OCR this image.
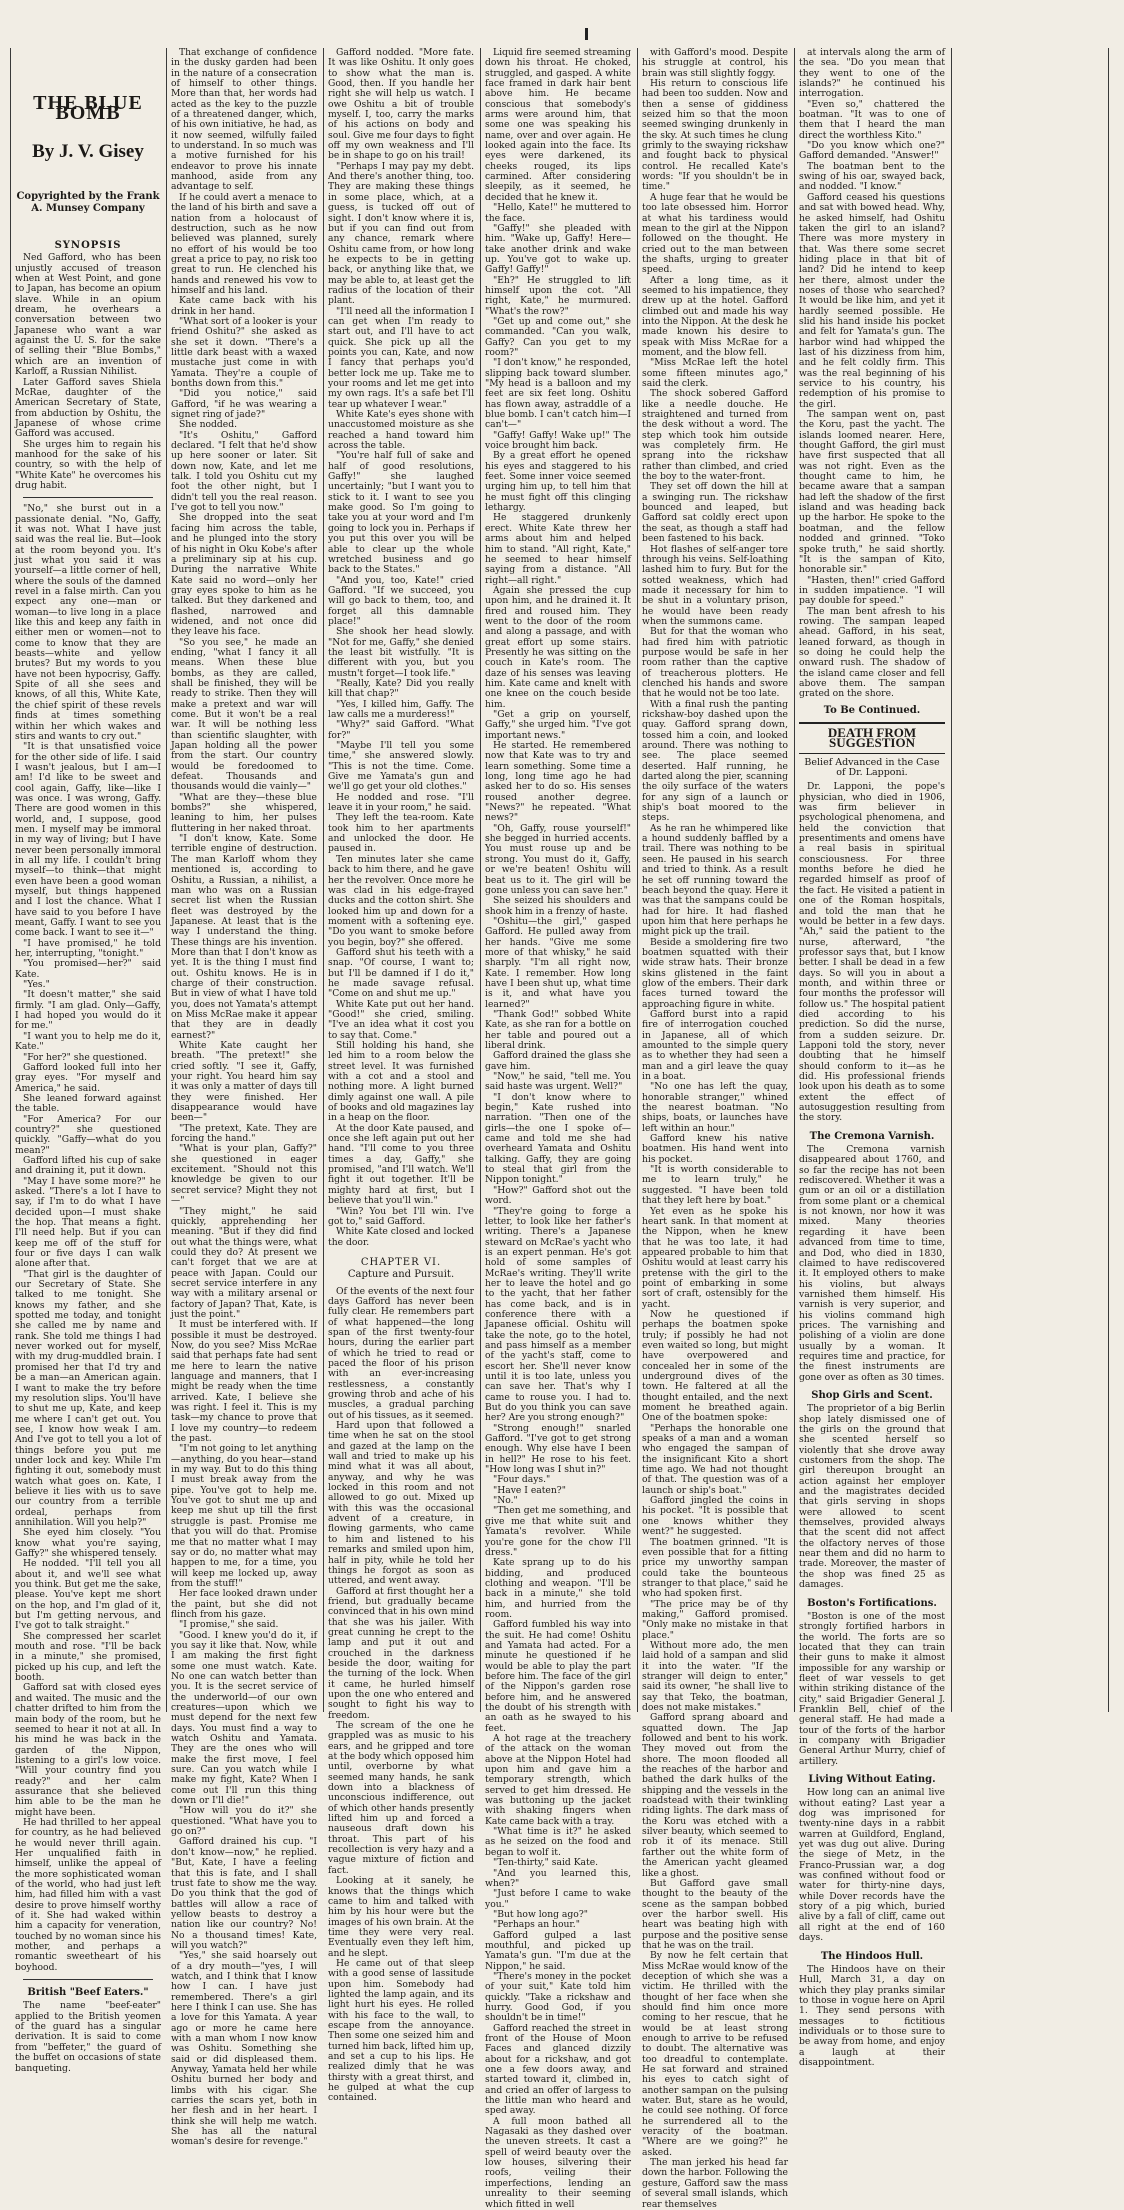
THE BLUE BOMB
By J. V. Gisey
Copyrighted by the Frank A. Munsey Company
SYNOPSIS

Ned Gafford, who has been unjustly accused of treason when at West Point, and gone to Japan, has become an opium slave. While in an opium dream, he overhears a conversation between two Japanese who want a war against the U. S. for the sake of selling their "Blue Bombs," which are an invention of Karloff, a Russian Nihilist.

Later Gafford saves Shiela McRae, daughter of the American Secretary of State, from abduction by Oshitu, the Japanese of whose crime Gafford was accused.

She urges him to regain his manhood for the sake of his country, so with the help of "White Kate" he overcomes his drug habit.

"No," she burst out in a passionate denial. "No, Gaffy, it was not. What I have just said was the real lie. But—look at the room beyond you. It's just what you said it was yourself—a little corner of hell, where the souls of the damned revel in a false mirth. Can you expect any one—man or woman—to live long in a place like this and keep any faith in either men or women—not to come to know that they are beasts—white and yellow brutes? But my words to you have not been hypocrisy, Gaffy. Spite of all she sees and knows, of all this, White Kate, the chief spirit of these revels finds at times something within her which wakes and stirs and wants to cry out."

"It is that unsatisfied voice for the other side of life. I said I wasn't jealous, but I am—I am! I'd like to be sweet and cool again, Gaffy, like—like I was once. I was wrong, Gaffy. There are good women in this world, and, I suppose, good men. I myself may be immoral in my way of living; but I have never been personally immoral in all my life. I couldn't bring myself—to think—that might even have been a good woman myself, but things happened and I lost the chance. What I have said to you before I have meant, Gaffy. I want to see you come back. I want to see it—"

"I have promised," he told her, interrupting, "tonight."

"You promised—her?" said Kate.

"Yes."

"It doesn't matter," she said firmly. "I am glad. Only—Gaffy, I had hoped you would do it for me."

"I want you to help me do it, Kate."

"For her?" she questioned.

Gafford looked full into her gray eyes. "For myself and America," he said.

She leaned forward against the table.

"For America? For our country?" she questioned quickly. "Gaffy—what do you mean?"

Gafford lifted his cup of sake and draining it, put it down.

"May I have some more?" he asked. "There's a lot I have to say, if I'm to do what I have decided upon—I must shake the hop. That means a fight. I'll need help. But if you can keep me off of the stuff for four or five days I can walk alone after that.

"That girl is the daughter of our Secretary of State. She talked to me tonight. She knows my father, and she spotted me today, and tonight she called me by name and rank. She told me things I had never worked out for myself, with my drug-muddled brain. I promised her that I'd try and be a man—an American again. I want to make the try before my resolution slips. You'll have to shut me up, Kate, and keep me where I can't get out. You see, I know how weak I am. And I've got to tell you a lot of things before you put me under lock and key. While I'm fighting it out, somebody must watch what goes on. Kate, I believe it lies with us to save our country from a terrible ordeal, perhaps from annihilation. Will you help?"

She eyed him closely. "You know what you're saying, Gaffy?" she whispered tensely.

He nodded. "I'll tell you all about it, and we'll see what you think. But get me the sake, please. You've kept me short on the hop, and I'm glad of it, but I'm getting nervous, and I've got to talk straight."

She compressed her scarlet mouth and rose. "I'll be back in a minute," she promised, picked up his cup, and left the booth.

Gafford sat with closed eyes and waited. The music and the chatter drifted to him from the main body of the room, but he seemed to hear it not at all. In his mind he was back in the garden of the Nippon, listening to a girl's low voice. "Will your country find you ready?" and her calm assurance that she believed him able to be the man he might have been.

He had thrilled to her appeal for country, as he had believed he would never thrill again. Her unqualified faith in himself, unlike the appeal of the more sophisticated woman of the world, who had just left him, had filled him with a vast desire to prove himself worthy of it. She had waked within him a capacity for veneration, touched by no woman since his mother, and perhaps a romantic sweetheart of his boyhood.

British "Beef Eaters."

The name "beef-eater" applied to the British yeomen of the guard has a singular derivation. It is said to come from "beffeter," the guard of the buffet on occasions of state banqueting.

That exchange of confidence in the dusky garden had been in the nature of a consecration of himself to other things. More than that, her words had acted as the key to the puzzle of a threatened danger, which, of his own initiative, he had, as it now seemed, wilfully failed to understand. In so much was a motive furnished for his endeavor to prove his innate manhood, aside from any advantage to self.

If he could avert a menace to the land of his birth and save a nation from a holocaust of destruction, such as he now believed was planned, surely no effort of his would be too great a price to pay, no risk too great to run. He clenched his hands and renewed his vow to himself and his land.

Kate came back with his drink in her hand.

"What sort of a looker is your friend Oshitu?" she asked as she set it down. "There's a little dark beast with a waxed mustache just come in with Yamata. They're a couple of bonths down from this."

"Did you notice," said Gafford, "if he was wearing a signet ring of jade?"

She nodded.

"It's Oshitu," Gafford declared. "I felt that he'd show up here sooner or later. Sit down now, Kate, and let me talk. I told you Oshitu cut my foot the other night, but I didn't tell you the real reason. I've got to tell you now."

She dropped into the seat facing him across the table, and he plunged into the story of his night in Oku Kobe's after a preliminary sip at his cup. During the narrative White Kate said no word—only her gray eyes spoke to him as he talked. But they darkened and flashed, narrowed and widened, and not once did they leave his face.

"So you see," he made an ending, "what I fancy it all means. When these blue bombs, as they are called, shall be finished, they will be ready to strike. Then they will make a pretext and war will come. But it won't be a real war. It will be nothing less than scientific slaughter, with Japan holding all the power from the start. Our country would be foredoomed to defeat. Thousands and thousands would die vainly—"

"What are they—these blue bombs?" she whispered, leaning to him, her pulses fluttering in her naked throat.

"I don't know, Kate. Some terrible engine of destruction. The man Karloff whom they mentioned is, according to Oshitu, a Russian, a nihilist, a man who was on a Russian secret list when the Russian fleet was destroyed by the Japanese. At least that is the way I understand the thing. These things are his invention. More than that I don't know as yet. It is the thing I must find out. Oshitu knows. He is in charge of their construction. But in view of what I have told you, does not Yamata's attempt on Miss McRae make it appear that they are in deadly earnest?"

White Kate caught her breath. "The pretext!" she cried softly. "I see it, Gaffy, your right. You heard him say it was only a matter of days till they were finished. Her disappearance would have been—"

"The pretext, Kate. They are forcing the hand."

"What is your plan, Gaffy?" she questioned in eager excitement. "Should not this knowledge be given to our secret service? Might they not—"

"They might," he said quickly, apprehending her meaning. "But if they did find out what the things were, what could they do? At present we can't forget that we are at peace with Japan. Could our secret service interfere in any way with a military arsenal or factory of Japan? That, Kate, is just the point."

It must be interfered with. If possible it must be destroyed. Now, do you see? Miss McRae said that perhaps fate had sent me here to learn the native language and manners, that I might be ready when the time arrived. Kate, I believe she was right. I feel it. This is my task—my chance to prove that I love my country—to redeem the past.

"I'm not going to let anything—anything, do you hear—stand in my way. But to do this thing I must break away from the pipe. You've got to help me. You've got to shut me up and keep me shut up till the first struggle is past. Promise me that you will do that. Promise me that no matter what I may say or do, no matter what may happen to me, for a time, you will keep me locked up, away from the stuff!"

Her face looked drawn under the paint, but she did not flinch from his gaze.

"I promise," she said.

"Good. I knew you'd do it, if you say it like that. Now, while I am making the first fight some one must watch. Kate. No one can watch better than you. It is the secret service of the underworld—of our own creatures—upon which we must depend for the next few days. You must find a way to watch Oshitu and Yamata. They are the ones who will make the first move, I feel sure. Can you watch while I make my fight, Kate? When I come out I'll run this thing down or I'll die!"

"How will you do it?" she questioned. "What have you to go on?"

Gafford drained his cup. "I don't know—now," he replied. "But, Kate, I have a feeling that this is fate, and I shall trust fate to show me the way. Do you think that the god of battles will allow a race of yellow beasts to destroy a nation like our country? No! No a thousand times! Kate, will you watch?"

"Yes," she said hoarsely out of a dry mouth—"yes, I will watch, and I think that I know how I can. I have just remembered. There's a girl here I think I can use. She has a love for this Yamata. A year ago or more he came here with a man whom I now know was Oshitu. Something she said or did displeased them. Anyway, Yamata held her while Oshitu burned her body and limbs with his cigar. She carries the scars yet, both in her flesh and in her heart. I think she will help me watch. She has all the natural woman's desire for revenge."

Gafford nodded. "More fate. It was like Oshitu. It only goes to show what the man is. Good, then. If you handle her right she will help us watch. I owe Oshitu a bit of trouble myself. I, too, carry the marks of his actions on body and soul. Give me four days to fight off my own weakness and I'll be in shape to go on his trail!

"Perhaps I may pay my debt. And there's another thing, too. They are making these things in some place, which, at a guess, is tucked off out of sight. I don't know where it is, but if you can find out from any chance, remark where Oshitu came from, or how long he expects to be in getting back, or anything like that, we may be able to, at least get the radius of the location of their plant.

"I'll need all the information I can get when I'm ready to start out, and I'll have to act quick. She pick up all the points you can, Kate, and now I fancy that perhaps you'd better lock me up. Take me to your rooms and let me get into my own rags. It's a safe bet I'll tear up whatever I wear."

White Kate's eyes shone with unaccustomed moisture as she reached a hand toward him across the table.

"You're half full of sake and half of good resolutions, Gaffy!" she laughed uncertainly; "but I want you to stick to it. I want to see you make good. So I'm going to take you at your word and I'm going to lock you in. Perhaps if you put this over you will be able to clear up the whole wretched business and go back to the States."

"And you, too, Kate!" cried Gafford. "If we succeed, you will go back to them, too, and forget all this damnable place!"

She shook her head slowly. "Not for me, Gaffy," she denied the least bit wistfully. "It is different with you, but you mustn't forget—I took life."

"Really, Kate? Did you really kill that chap?"

"Yes, I killed him, Gaffy. The law calls me a murderess!"

"Why?" said Gafford. "What for?"

"Maybe I'll tell you some time," she answered slowly. "This is not the time. Come. Give me Yamata's gun and we'll go get your old clothes."

He nodded and rose. "I'll leave it in your room," he said.

They left the tea-room. Kate took him to her apartments and unlocked the door. He paused in.

Ten minutes later she came back to him there, and he gave her the revolver. Once more he was clad in his edge-frayed ducks and the cotton shirt. She looked him up and down for a moment with a softening eye. "Do you want to smoke before you begin, boy?" she offered.

Gafford shut his teeth with a snap. "Of course, I want to; but I'll be damned if I do it," he made savage refusal. "Come on and shut me up."

White Kate put out her hand. "Good!" she cried, smiling. "I've an idea what it cost you to say that. Come."

Still holding his hand, she led him to a room below the street level. It was furnished with a cot and a stool and nothing more. A light burned dimly against one wall. A pile of books and old magazines lay in a heap on the floor.

At the door Kate paused, and once she left again put out her hand. "I'll come to you three times a day, Gaffy," she promised, "and I'll watch. We'll fight it out together. It'll be mighty hard at first, but I believe that you'll win."

"Win? You bet I'll win. I've got to," said Gafford.

White Kate closed and locked the door.

CHAPTER VI.
Capture and Pursuit.

Of the events of the next four days Gafford has never been fully clear. He remembers part of what happened—the long span of the first twenty-four hours, during the earlier part of which he tried to read or paced the floor of his prison with an ever-increasing restlessness, a constantly growing throb and ache of his muscles, a gradual parching out of his tissues, as it seemed.

Hard upon that followed a time when he sat on the stool and gazed at the lamp on the wall and tried to make up his mind what it was all about, anyway, and why he was locked in this room and not allowed to go out. Mixed up with this was the occasional advent of a creature, in flowing garments, who came to him and listened to his remarks and smiled upon him, half in pity, while he told her things he forgot as soon as uttered, and went away.

Gafford at first thought her a friend, but gradually became convinced that in his own mind that she was his jailer. With great cunning he crept to the lamp and put it out and crouched in the darkness beside the door, waiting for the turning of the lock. When it came, he hurled himself upon the one who entered and sought to fight his way to freedom.

The scream of the one he grappled was as music to his ears, and he gripped and tore at the body which opposed him until, overborne by what seemed many hands, he sank down into a blackness of unconscious indifference, out of which other hands presently lifted him up and forced a nauseous draft down his throat. This part of his recollection is very hazy and a vague mixture of fiction and fact.

Looking at it sanely, he knows that the things which came to him and talked with him by his hour were but the images of his own brain. At the time they were very real. Eventually even they left him, and he slept.

He came out of that sleep with a good sense of lassitude upon him. Somebody had lighted the lamp again, and its light hurt his eyes. He rolled with his face to the wall, to escape from the annoyance. Then some one seized him and turned him back, lifted him up, and set a cup to his lips. He realized dimly that he was thirsty with a great thirst, and he gulped at what the cup contained.

Liquid fire seemed streaming down his throat. He choked, struggled, and gasped. A white face framed in dark hair bent above him. He became conscious that somebody's arms were around him, that some one was speaking his name, over and over again. He looked again into the face. Its eyes were darkened, its cheeks rouged, its lips carmined. After considering sleepily, as it seemed, he decided that he knew it.

"Hello, Kate!" he muttered to the face.

"Gaffy!" she pleaded with him. "Wake up, Gaffy! Here—take another drink and wake up. You've got to wake up. Gaffy! Gaffy!"

"Eh?" He struggled to lift himself upon the cot. "All right, Kate," he murmured. "What's the row?"

"Get up and come out," she commanded. "Can you walk, Gaffy? Can you get to my room?"

"I don't know," he responded, slipping back toward slumber. "My head is a balloon and my feet are six feet long. Oshitu has flown away, astraddle of a blue bomb. I can't catch him—I can't—"

"Gaffy! Gaffy! Wake up!" The voice brought him back.

By a great effort he opened his eyes and staggered to his feet. Some inner voice seemed urging him up, to tell him that he must fight off this clinging lethargy.

He staggered drunkenly erect. White Kate threw her arms about him and helped him to stand. "All right, Kate," he seemed to hear himself saying from a distance. "All right—all right."

Again she pressed the cup upon him, and he drained it. It fired and roused him. They went to the door of the room and along a passage, and with great effort up some stairs. Presently he was sitting on the couch in Kate's room. The daze of his senses was leaving him. Kate came and knelt with one knee on the couch beside him.

"Get a grip on yourself, Gaffy," she urged him. "I've got important news."

He started. He remembered now that Kate was to try and learn something. Some time a long, long time ago he had asked her to do so. His senses roused another degree. "News?" he repeated. "What news?"

"Oh, Gaffy, rouse yourself!" she begged in hurried accents. You must rouse up and be strong. You must do it, Gaffy, or we're beaten! Oshitu will beat us to it. The girl will be gone unless you can save her."

She seized his shoulders and shook him in a frenzy of haste.

"Oshitu—the girl," gasped Gafford. He pulled away from her hands. "Give me some more of that whisky," he said sharply. "I'm all right now, Kate. I remember. How long have I been shut up, what time is it, and what have you learned?"

"Thank God!" sobbed White Kate, as she ran for a bottle on her table and poured out a liberal drink.

Gafford drained the glass she gave him.

"Now," he said, "tell me. You said haste was urgent. Well?"

"I don't know where to begin," Kate rushed into narration. "Then one of the girls—the one I spoke of—came and told me she had overheard Yamata and Oshitu talking. Gaffy, they are going to steal that girl from the Nippon tonight."

"How?" Gafford shot out the word.

"They're going to forge a letter, to look like her father's writing. There's a Japanese steward on McRae's yacht who is an expert penman. He's got hold of some samples of McRae's writing. They'll write her to leave the hotel and go to the yacht, that her father has come back, and is in conference there with a Japanese official. Oshitu will take the note, go to the hotel, and pass himself as a member of the yacht's staff, come to escort her. She'll never know until it is too late, unless you can save her. That's why I came to rouse you. I had to. But do you think you can save her? Are you strong enough?"

"Strong enough!" snarled Gafford. "I've got to get strong enough. Why else have I been in hell?" He rose to his feet. "How long was I shut in?"

"Four days."

"Have I eaten?"

"No."

"Then get me something, and give me that white suit and Yamata's revolver. While you're gone for the chow I'll dress."

Kate sprang up to do his bidding, and produced clothing and weapon. "I'll be back in a minute," she told him, and hurried from the room.

Gafford fumbled his way into the suit. He had come! Oshitu and Yamata had acted. For a minute he questioned if he would be able to play the part before him. The face of the girl of the Nippon's garden rose before him, and he answered the doubt of his strength with an oath as he swayed to his feet.

A hot rage at the treachery of the attack on the woman above at the Nippon Hotel had upon him and gave him a temporary strength, which served to get him dressed. He was buttoning up the jacket with shaking fingers when Kate came back with a tray.

"What time is it?" he asked as he seized on the food and began to wolf it.

"Ten-thirty," said Kate.

"And you learned this, when?"

"Just before I came to wake you."

"But how long ago?"

"Perhaps an hour."

Gafford gulped a last mouthful, and picked up Yamata's gun. "I'm due at the Nippon," he said.

"There's money in the pocket of your suit," Kate told him quickly. "Take a rickshaw and hurry. Good God, if you shouldn't be in time!"

Gafford reached the street in front of the House of Moon Faces and glanced dizzily about for a rickshaw, and got one a few doors away, and started toward it, climbed in, and cried an offer of largess to the little man who heard and sped away.

A full moon bathed all Nagasaki as they dashed over the uneven streets. It cast a spell of weird beauty over the low houses, silvering their roofs, veiling their imperfections, lending an unreality to their seeming which fitted in well

with Gafford's mood. Despite his struggle at control, his brain was still slightly foggy.

His return to conscious life had been too sudden. Now and then a sense of giddiness seized him so that the moon seemed swinging drunkenly in the sky. At such times he clung grimly to the swaying rickshaw and fought back to physical control. He recalled Kate's words: "If you shouldn't be in time."

A huge fear that he would be too late obsessed him. Horror at what his tardiness would mean to the girl at the Nippon followed on the thought. He cried out to the man between the shafts, urging to greater speed.

After a long time, as it seemed to his impatience, they drew up at the hotel. Gafford climbed out and made his way into the Nippon. At the desk he made known his desire to speak with Miss McRae for a moment, and the blow fell.

"Miss McRae left the hotel some fifteen minutes ago," said the clerk.

The shock sobered Gafford like a needle douche. He straightened and turned from the desk without a word. The step which took him outside was completely firm. He sprang into the rickshaw rather than climbed, and cried the boy to the water-front.

They set off down the hill at a swinging run. The rickshaw bounced and leaped, but Gafford sat coldly erect upon the seat, as though a staff had been fastened to his back.

Hot flashes of self-anger tore through his veins. Self-loathing lashed him to fury. But for the sotted weakness, which had made it necessary for him to be shut in a voluntary prison, he would have been ready when the summons came.

But for that the woman who had fired him with patriotic purpose would be safe in her room rather than the captive of treacherous plotters. He clenched his hands and swore that he would not be too late.

With a final rush the panting rickshaw-boy dashed upon the quay. Gafford sprang down, tossed him a coin, and looked around. There was nothing to see. The place seemed deserted. Half running, he darted along the pier, scanning the oily surface of the waters for any sign of a launch or ship's boat moored to the steps.

As he ran he whimpered like a hound suddenly baffled by a trail. There was nothing to be seen. He paused in his search and tried to think. As a result he set off running toward the beach beyond the quay. Here it was that the sampans could be had for hire. It had flashed upon him that here perhaps he might pick up the trail.

Beside a smoldering fire two boatmen squatted with their wide straw hats. Their bronze skins glistened in the faint glow of the embers. Their dark faces turned toward the approaching figure in white.

Gafford burst into a rapid fire of interrogation couched in Japanese, all of which amounted to the simple query as to whether they had seen a man and a girl leave the quay in a boat.

"No one has left the quay, honorable stranger," whined the nearest boatman. "No ships, boats, or launches have left within an hour."

Gafford knew his native boatmen. His hand went into his pocket.

"It is worth considerable to me to learn truly," he suggested. "I have been told that they left here by boat."

Yet even as he spoke his heart sank. In that moment at the Nippon, when he knew that he was too late, it had appeared probable to him that Oshitu would at least carry his pretense with the girl to the point of embarking in some sort of craft, ostensibly for the yacht.

Now he questioned if perhaps the boatmen spoke truly; if possibly he had not even waited so long, but might have overpowered and concealed her in some of the underground dives of the town. He faltered at all the thought entailed, and the next moment he breathed again. One of the boatmen spoke:

"Perhaps the honorable one speaks of a man and a woman who engaged the sampan of the insignificant Kito a short time ago. We had not thought of that. The question was of a launch or ship's boat."

Gafford jingled the coins in his pocket. "It is possible that one knows whither they went?" he suggested.

The boatmen grinned. "It is even possible that for a fitting price my unworthy sampan could take the bounteous stranger to that place," said he who had spoken first.

"The price may be of thy making," Gafford promised. "Only make no mistake in that place."

Without more ado, the men laid hold of a sampan and slid it into the water. "If the stranger will deign to enter," said its owner, "he shall live to say that Teko, the boatman, does not make mistakes."

Gafford sprang aboard and squatted down. The Jap followed and bent to his work. They moved out from the shore. The moon flooded all the reaches of the harbor and bathed the dark hulks of the shipping and the vessels in the roadstead with their twinkling riding lights. The dark mass of the Koru was etched with a silver beauty, which seemed to rob it of its menace. Still farther out the white form of the American yacht gleamed like a ghost.

But Gafford gave small thought to the beauty of the scene as the sampan bobbed over the harbor swell. His heart was beating high with purpose and the positive sense that he was on the trail.

By now he felt certain that Miss McRae would know of the deception of which she was a victim. He thrilled with the thought of her face when she should find him once more coming to her rescue, that he would be at least strong enough to arrive to be refused to doubt. The alternative was too dreadful to contemplate. He sat forward and strained his eyes to catch sight of another sampan on the pulsing water. But, stare as he would, he could see nothing. Of force he surrendered all to the veracity of the boatman. "Where are we going?" he asked.

The man jerked his head far down the harbor. Following the gesture, Gafford saw the mass of several small islands, which rear themselves

at intervals along the arm of the sea. "Do you mean that they went to one of the islands?" he continued his interrogation.

"Even so," chattered the boatman. "It was to one of them that I heard the man direct the worthless Kito."

"Do you know which one?" Gafford demanded. "Answer!"

The boatman bent to the swing of his oar, swayed back, and nodded. "I know."

Gafford ceased his questions and sat with bowed head. Why, he asked himself, had Oshitu taken the girl to an island? There was more mystery in that. Was there some secret hiding place in that bit of land? Did he intend to keep her there, almost under the noses of those who searched? It would be like him, and yet it hardly seemed possible. He slid his hand inside his pocket and felt for Yamata's gun. The harbor wind had whipped the last of his dizziness from him, and he felt coldly firm. This was the real beginning of his service to his country, his redemption of his promise to the girl.

The sampan went on, past the Koru, past the yacht. The islands loomed nearer. Here, thought Gafford, the girl must have first suspected that all was not right. Even as the thought came to him, he became aware that a sampan had left the shadow of the first island and was heading back up the harbor. He spoke to the boatman, and the fellow nodded and grinned. "Toko spoke truth," he said shortly. "It is the sampan of Kito, honorable sir."

"Hasten, then!" cried Gafford in sudden impatience. "I will pay double for speed."

The man bent afresh to his rowing. The sampan leaped ahead. Gafford, in his seat, leaned forward, as though in so doing he could help the onward rush. The shadow of the island came closer and fell above them. The sampan grated on the shore.

To Be Continued.
DEATH FROM SUGGESTION
Belief Advanced in the Case of Dr. Lapponi.

Dr. Lapponi, the pope's physician, who died in 1906, was firm believer in psychological phenomena, and held the conviction that presentiments and omens have a real basis in spiritual consciousness. For three months before he died he regarded himself as proof of the fact. He visited a patient in one of the Roman hospitals, and told the man that he would be better in a few days. "Ah," said the patient to the nurse, afterward, "the professor says that, but I know better. I shall be dead in a few days. So will you in about a month, and within three or four months the professor will follow us." The hospital patient died according to his prediction. So did the nurse, from a sudden seizure. Dr. Lapponi told the story, never doubting that he himself should conform to it—as he did. His professional friends look upon his death as to some extent the effect of autosuggestion resulting from the story.

The Cremona Varnish.

The Cremona varnish disappeared about 1760, and so far the recipe has not been rediscovered. Whether it was a gum or an oil or a distillation from some plant or a chemical is not known, nor how it was mixed. Many theories regarding it have been advanced from time to time, and Dod, who died in 1830, claimed to have rediscovered it. It employed others to make his violins, but always varnished them himself. His varnish is very superior, and his violins command high prices. The varnishing and polishing of a violin are done usually by a woman. It requires time and practice, for the finest instruments are gone over as often as 30 times.

Shop Girls and Scent.

The proprietor of a big Berlin shop lately dismissed one of the girls on the ground that she scented herself so violently that she drove away customers from the shop. The girl thereupon brought an action against her employer and the magistrates decided that girls serving in shops were allowed to scent themselves, provided always that the scent did not affect the olfactory nerves of those near them and did no harm to trade. Moreover, the master of the shop was fined 25 as damages.

Boston's Fortifications.

"Boston is one of the most strongly fortified harbors in the world. The forts are so located that they can train their guns to make it almost impossible for any warship or fleet of war vessels to get within striking distance of the city," said Brigadier General J. Franklin Bell, chief of the general staff. He had made a tour of the forts of the harbor in company with Brigadier General Arthur Murry, chief of artillery.

Living Without Eating.

How long can an animal live without eating? Last year a dog was imprisoned for twenty-nine days in a rabbit warren at Guildford, England, yet was dug out alive. During the siege of Metz, in the Franco-Prussian war, a dog was confined without food or water for thirty-nine days, while Dover records have the story of a pig which, buried alive by a fall of cliff, came out all right at the end of 160 days.

The Hindoos Hull.

The Hindoos have on their Hull, March 31, a day on which they play pranks similar to those in vogue here on April 1. They send persons with messages to fictitious individuals or to those sure to be away from home, and enjoy a laugh at their disappointment.
